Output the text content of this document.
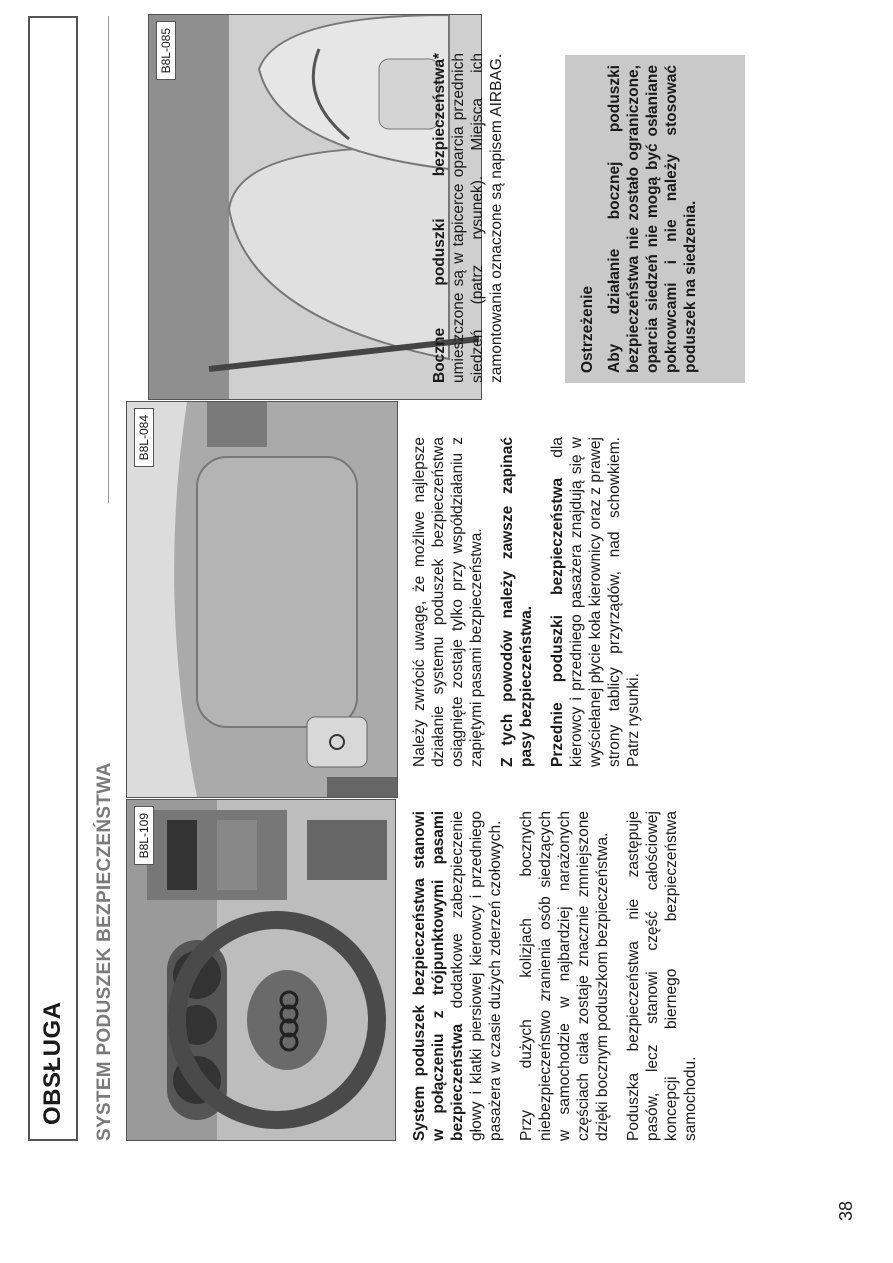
OBSŁUGA SYSTEM PODUSZEK BEZPIECZEŃSTWA B8L-109
B8L-084
B8L-085

System poduszek bezpieczeństwa stanowi w połączeniu z trójpunktowymi pasami bezpieczeństwa dodatkowe zabezpieczenie głowy i klatki piersiowej kierowcy i przedniego pasażera w czasie dużych zderzeń czołowych. Przy dużych kolizjach bocznych niebezpieczeństwo zranienia osób siedzących w samochodzie w najbardziej narażonych częściach ciała zostaje znacznie zmniejszone dzięki bocznym poduszkom bezpieczeństwa. Poduszka bezpieczeństwa nie zastępuje pasów, lecz stanowi część całościowej koncepcji biernego bezpieczeństwa samochodu.

Należy zwrócić uwagę, że możliwe najlepsze działanie systemu poduszek bezpieczeństwa osiągnięte zostaje tylko przy współdziałaniu z zapiętymi pasami bezpieczeństwa. Z tych powodów należy zawsze zapinać pasy bezpieczeństwa. Przednie poduszki bezpieczeństwa dla kierowcy i przedniego pasażera znajdują się w wyściełanej płycie koła kierownicy oraz z prawej strony tablicy przyrządów, nad schowkiem. Patrz rysunki.

Boczne poduszki bezpieczeństwa* umieszczone są w tapicerce oparcia przednich siedzeń (patrz rysunek). Miejsca ich zamontowania oznaczone są napisem AIRBAG.	Ostrzeżenie Aby działanie bocznej poduszki bezpieczeństwa nie zostało ograniczone, oparcia siedzeń nie mogą być osłaniane pokrowcami i nie należy stosować poduszek na siedzenia.
38
